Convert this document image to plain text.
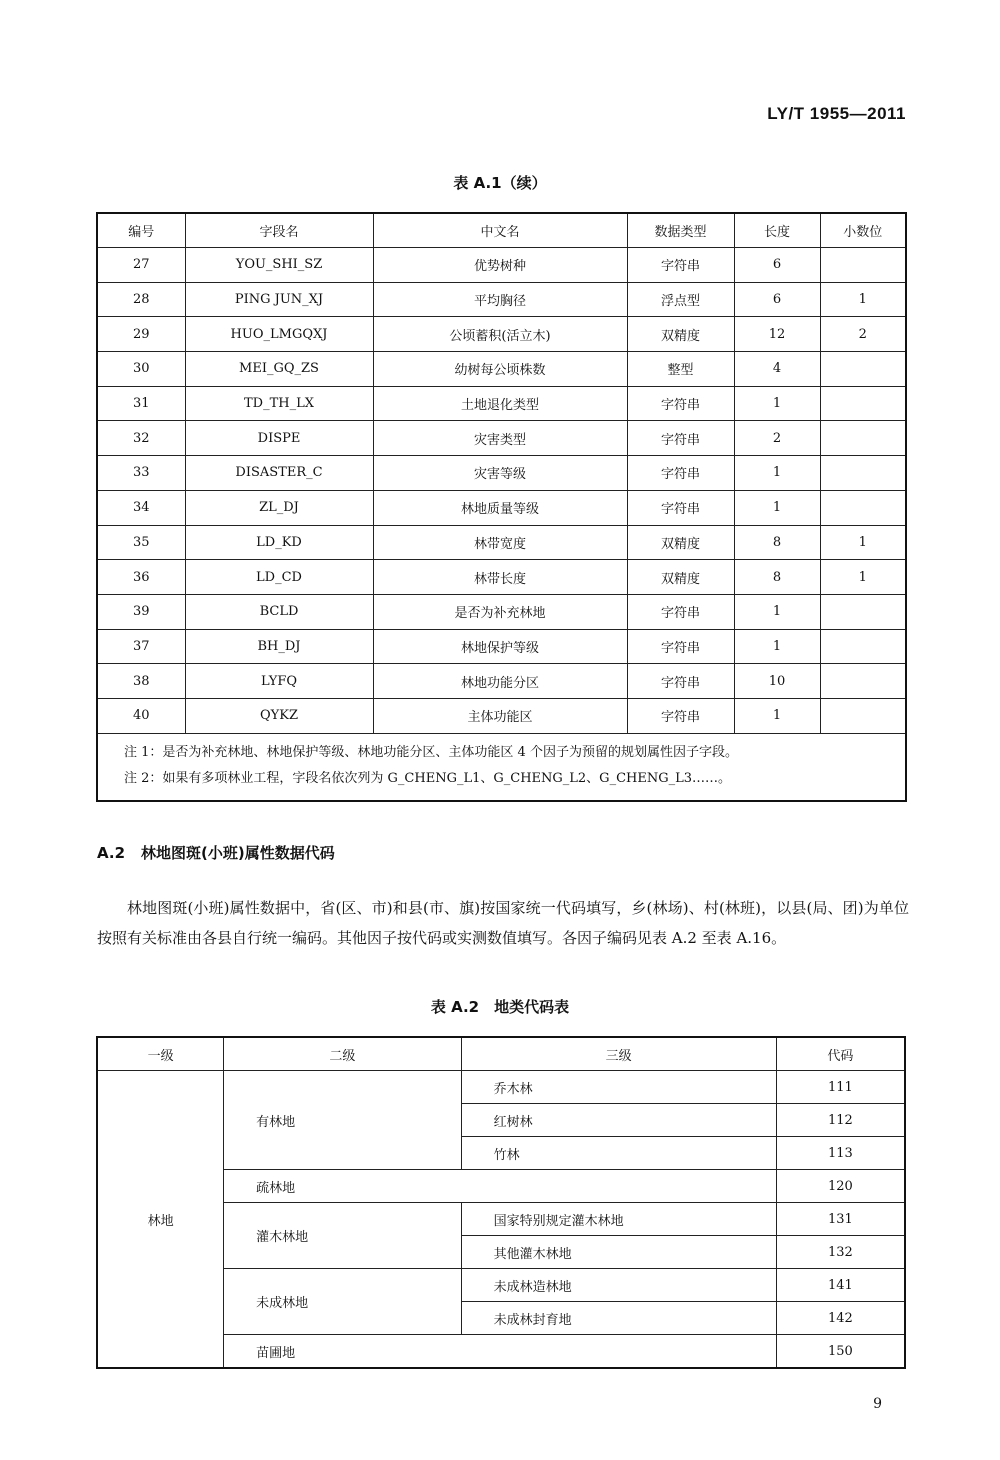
LY/T 1955—2011
表 A.1（续）
编号	字段名	中文名	数据类型	长度	小数位
27	YOU_SHI_SZ	优势树种	字符串	6	
28	PING JUN_XJ	平均胸径	浮点型	6	1
29	HUO_LMGQXJ	公顷蓄积(活立木)	双精度	12	2
30	MEI_GQ_ZS	幼树每公顷株数	整型	4	
31	TD_TH_LX	土地退化类型	字符串	1	
32	DISPE	灾害类型	字符串	2	
33	DISASTER_C	灾害等级	字符串	1	
34	ZL_DJ	林地质量等级	字符串	1	
35	LD_KD	林带宽度	双精度	8	1
36	LD_CD	林带长度	双精度	8	1
39	BCLD	是否为补充林地	字符串	1	
37	BH_DJ	林地保护等级	字符串	1	
38	LYFQ	林地功能分区	字符串	10	
40	QYKZ	主体功能区	字符串	1	

注 1：是否为补充林地、林地保护等级、林地功能分区、主体功能区 4 个因子为预留的规划属性因子字段。
注 2：如果有多项林业工程，字段名依次列为 G_CHENG_L1、G_CHENG_L2、G_CHENG_L3……。					
A.2 林地图斑(小班)属性数据代码
林地图斑(小班)属性数据中，省(区、市)和县(市、旗)按国家统一代码填写，乡(林场)、村(林班)，以县(局、团)为单位按照有关标准由各县自行统一编码。其他因子按代码或实测数值填写。各因子编码见表 A.2 至表 A.16。
表 A.2　地类代码表
一级	二级	三级	代码
林地	有林地	乔木林	111
		红树林	112
		竹林	113
	疏林地		120
	灌木林地	国家特别规定灌木林地	131
		其他灌木林地	132
	未成林地	未成林造林地	141
		未成林封育地	142
	苗圃地		150
9
